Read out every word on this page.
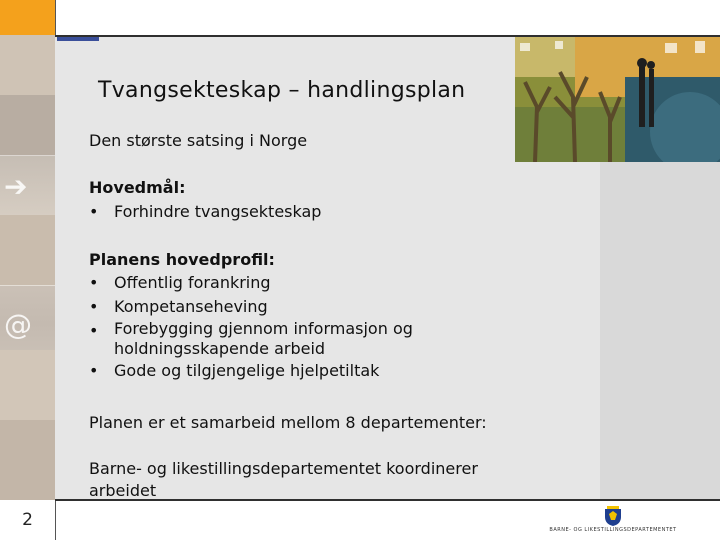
➔
@
2
Tvangsekteskap – handlingsplan
Den største satsing i Norge
Hovedmål:
• Forhindre tvangsekteskap
Planens hovedprofil:
• Offentlig forankring
• Kompetanseheving
• Forebygging gjennom informasjon og
holdningsskapende arbeid
• Gode og tilgjengelige hjelpetiltak
Planen er et samarbeid mellom 8 departementer:
Barne- og likestillingsdepartementet koordinerer
arbeidet
BARNE- OG LIKESTILLINGSDEPARTEMENTET
